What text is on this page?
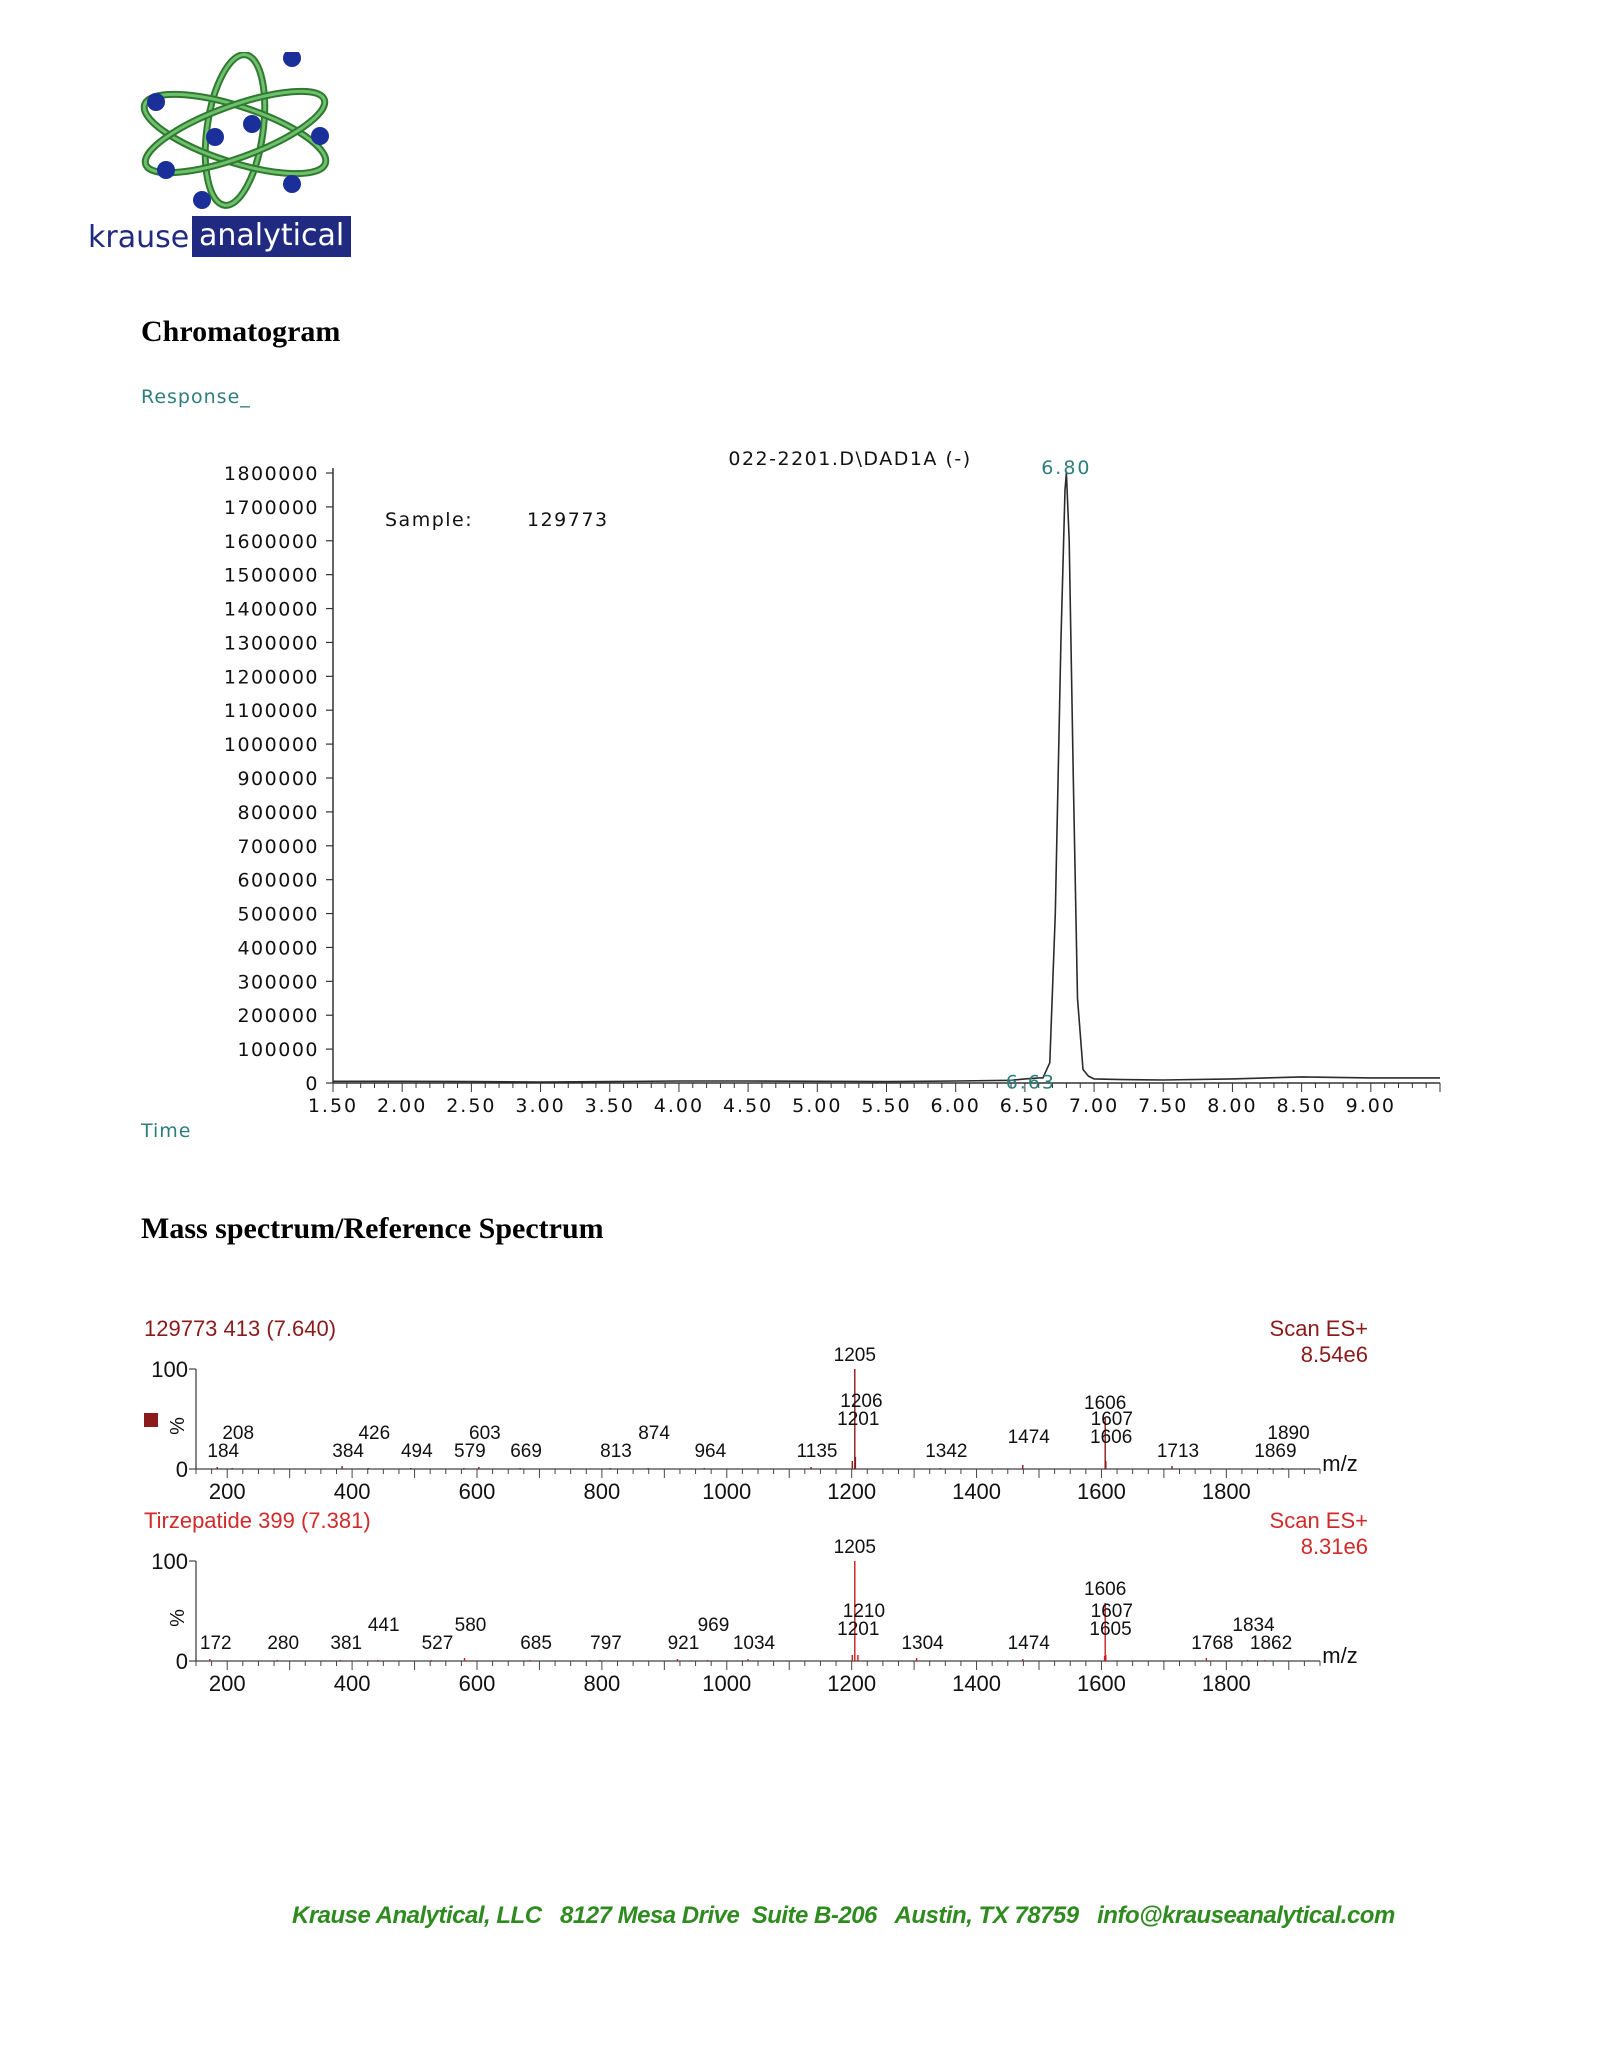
krause analytical
Chromatogram
Response_
Time
0
100000
200000
300000
400000
500000
600000
700000
800000
900000
1000000
1100000
1200000
1300000
1400000
1500000
1600000
1700000
1800000
1.50 2.00 2.50 3.00 3.50 4.00 4.50 5.00 5.50 6.00 6.50 7.00 7.50 8.00 8.50 9.00
022-2201.D\DAD1A (-)
Sample:	129773
6.80
6.63
Mass spectrum/Reference Spectrum
129773 413 (7.640)	Scan ES+
8.54e6
0
100
%
200	400	600	800	1000	1200	1400	1600	1800
m/z
184
208
384
426
494 579
603
669	813
874
964	1135
1201
1205
1206
1342
1474 1606
1606
1607
1713	1869
1890
Tirzepatide 399 (7.381)	Scan ES+
8.31e6
0
100
%
200	400	600	800	1000	1200	1400	1600	1800
m/z
172 280 381
441
527
580
685 797 921
969
1034
1201
1205
1210
1304	1474
1605
1606
1607
1768
1834
1862
Krause Analytical, LLC 8127 Mesa Drive Suite B-206 Austin, TX 78759 info@krauseanalytical.com
